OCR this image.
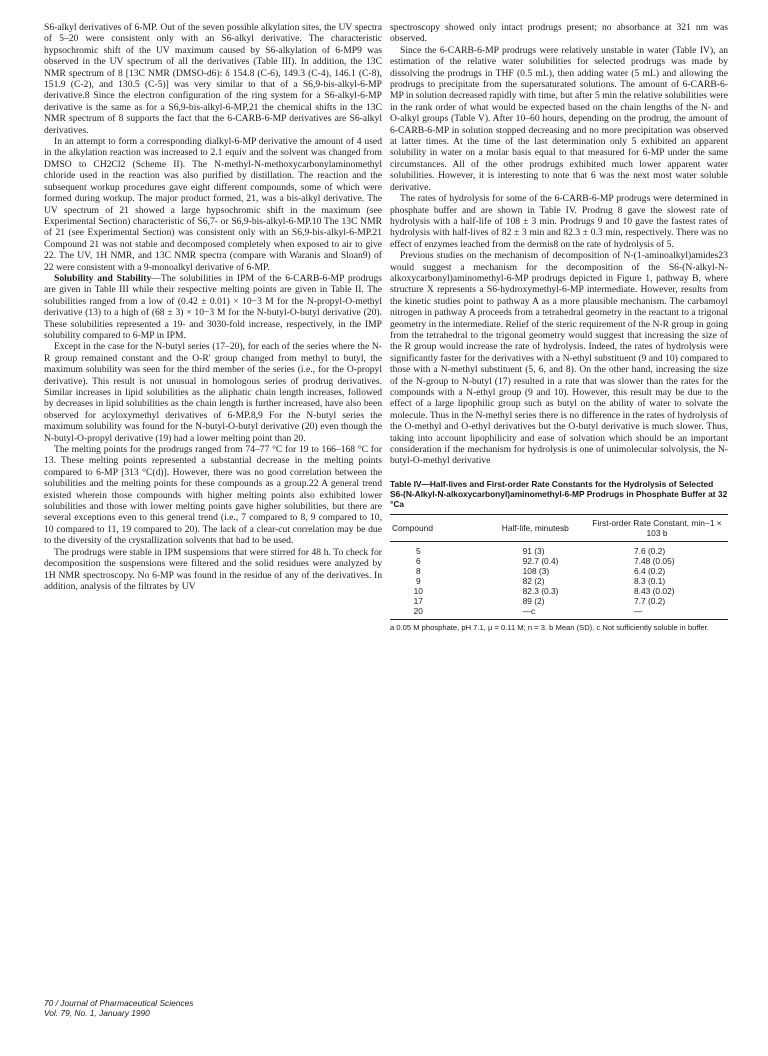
S6-alkyl derivatives of 6-MP. Out of the seven possible alkylation sites, the UV spectra of 5–20 were consistent only with an S6-alkyl derivative. The characteristic hypsochromic shift of the UV maximum caused by S6-alkylation of 6-MP9 was observed in the UV spectrum of all the derivatives (Table III). In addition, the 13C NMR spectrum of 8 [13C NMR (DMSO-d6): δ 154.8 (C-6), 149.3 (C-4), 146.1 (C-8), 151.9 (C-2), and 130.5 (C-5)] was very similar to that of a S6,9-bis-alkyl-6-MP derivative.8 Since the electron configuration of the ring system for a S6-alkyl-6-MP derivative is the same as for a S6,9-bis-alkyl-6-MP,21 the chemical shifts in the 13C NMR spectrum of 8 supports the fact that the 6-CARB-6-MP derivatives are S6-alkyl derivatives.

In an attempt to form a corresponding dialkyl-6-MP derivative the amount of 4 used in the alkylation reaction was increased to 2.1 equiv and the solvent was changed from DMSO to CH2Cl2 (Scheme II). The N-methyl-N-methoxycarbonylaminomethyl chloride used in the reaction was also purified by distillation. The reaction and the subsequent workup procedures gave eight different compounds, some of which were formed during workup. The major product formed, 21, was a bis-alkyl derivative. The UV spectrum of 21 showed a large hypsochromic shift in the maximum (see Experimental Section) characteristic of S6,7- or S6,9-bis-alkyl-6-MP.10 The 13C NMR of 21 (see Experimental Section) was consistent only with an S6,9-bis-alkyl-6-MP.21 Compound 21 was not stable and decomposed completely when exposed to air to give 22. The UV, 1H NMR, and 13C NMR spectra (compare with Waranis and Sloan9) of 22 were consistent with a 9-monoalkyl derivative of 6-MP.

Solubility and Stability—The solubilities in IPM of the 6-CARB-6-MP prodrugs are given in Table III while their respective melting points are given in Table II. The solubilities ranged from a low of (0.42 ± 0.01) × 10−3 M for the N-propyl-O-methyl derivative (13) to a high of (68 ± 3) × 10−3 M for the N-butyl-O-butyl derivative (20). These solubilities represented a 19- and 3030-fold increase, respectively, in the IMP solubility compared to 6-MP in IPM.

Except in the case for the N-butyl series (17–20), for each of the series where the N-R group remained constant and the O-R' group changed from methyl to butyl, the maximum solubility was seen for the third member of the series (i.e., for the O-propyl derivative). This result is not unusual in homologous series of prodrug derivatives. Similar increases in lipid solubilities as the aliphatic chain length increases, followed by decreases in lipid solubilities as the chain length is further increased, have also been observed for acyloxymethyl derivatives of 6-MP.8,9 For the N-butyl series the maximum solubility was found for the N-butyl-O-butyl derivative (20) even though the N-butyl-O-propyl derivative (19) had a lower melting point than 20.

The melting points for the prodrugs ranged from 74–77 °C for 19 to 166–168 °C for 13. These melting points represented a substantial decrease in the melting points compared to 6-MP [313 °C(d)]. However, there was no good correlation between the solubilities and the melting points for these compounds as a group.22 A general trend existed wherein those compounds with higher melting points also exhibited lower solubilities and those with lower melting points gave higher solubilities, but there are several exceptions even to this general trend (i.e., 7 compared to 8, 9 compared to 10, 10 compared to 11, 19 compared to 20). The lack of a clear-cut correlation may be due to the diversity of the crystallization solvents that had to be used.

The prodrugs were stable in IPM suspensions that were stirred for 48 h. To check for decomposition the suspensions were filtered and the solid residues were analyzed by 1H NMR spectroscopy. No 6-MP was found in the residue of any of the derivatives. In addition, analysis of the filtrates by UV

spectroscopy showed only intact prodrugs present; no absorbance at 321 nm was observed.

Since the 6-CARB-6-MP prodrugs were relatively unstable in water (Table IV), an estimation of the relative water solubilities for selected prodrugs was made by dissolving the prodrugs in THF (0.5 mL), then adding water (5 mL) and allowing the prodrugs to precipitate from the supersaturated solutions. The amount of 6-CARB-6-MP in solution decreased rapidly with time, but after 5 min the relative solubilities were in the rank order of what would be expected based on the chain lengths of the N- and O-alkyl groups (Table V). After 10–60 hours, depending on the prodrug, the amount of 6-CARB-6-MP in solution stopped decreasing and no more precipitation was observed at latter times. At the time of the last determination only 5 exhibited an apparent solubility in water on a molar basis equal to that measured for 6-MP under the same circumstances. All of the other prodrugs exhibited much lower apparent water solubilities. However, it is interesting to note that 6 was the next most water soluble derivative.

The rates of hydrolysis for some of the 6-CARB-6-MP prodrugs were determined in phosphate buffer and are shown in Table IV. Prodrug 8 gave the slowest rate of hydrolysis with a half-life of 108 ± 3 min. Prodrugs 9 and 10 gave the fastest rates of hydrolysis with half-lives of 82 ± 3 min and 82.3 ± 0.3 min, respectively. There was no effect of enzymes leached from the dermis8 on the rate of hydrolysis of 5.

Previous studies on the mechanism of decomposition of N-(1-aminoalkyl)amides23 would suggest a mechanism for the decomposition of the S6-(N-alkyl-N-alkoxycarbonyl)aminomethyl-6-MP prodrugs depicted in Figure 1, pathway B, where structure X represents a S6-hydroxymethyl-6-MP intermediate. However, results from the kinetic studies point to pathway A as a more plausible mechanism. The carbamoyl nitrogen in pathway A proceeds from a tetrahedral geometry in the reactant to a trigonal geometry in the intermediate. Relief of the steric requirement of the N-R group in going from the tetrahedral to the trigonal geometry would suggest that increasing the size of the R group would increase the rate of hydrolysis. Indeed, the rates of hydrolysis were significantly faster for the derivatives with a N-ethyl substituent (9 and 10) compared to those with a N-methyl substituent (5, 6, and 8). On the other hand, increasing the size of the N-group to N-butyl (17) resulted in a rate that was slower than the rates for the compounds with a N-ethyl group (9 and 10). However, this result may be due to the effect of a large lipophilic group such as butyl on the ability of water to solvate the molecule. Thus in the N-methyl series there is no difference in the rates of hydrolysis of the O-methyl and O-ethyl derivatives but the O-butyl derivative is much slower. Thus, taking into account lipophilicity and ease of solvation which should be an important consideration if the mechanism for hydrolysis is one of unimolecular solvolysis, the N-butyl-O-methyl derivative

Table IV—Half-lives and First-order Rate Constants for the Hydrolysis of Selected S6-(N-Alkyl-N-alkoxycarbonyl)aminomethyl-6-MP Prodrugs in Phosphate Buffer at 32 °Ca
Compound	Half-life, minutesb	First-order Rate Constant, min−1 × 103 b
5	91 (3)	7.6 (0.2)
6	92.7 (0.4)	7.48 (0.05)
8	108 (3)	6.4 (0.2)
9	82 (2)	8.3 (0.1)
10	82.3 (0.3)	8.43 (0.02)
17	89 (2)	7.7 (0.2)
20	—c	—
a 0.05 M phosphate, pH 7.1, μ = 0.11 M; n = 3. b Mean (SD). c Not sufficiently soluble in buffer.
70 / Journal of Pharmaceutical Sciences
Vol. 79, No. 1, January 1990
